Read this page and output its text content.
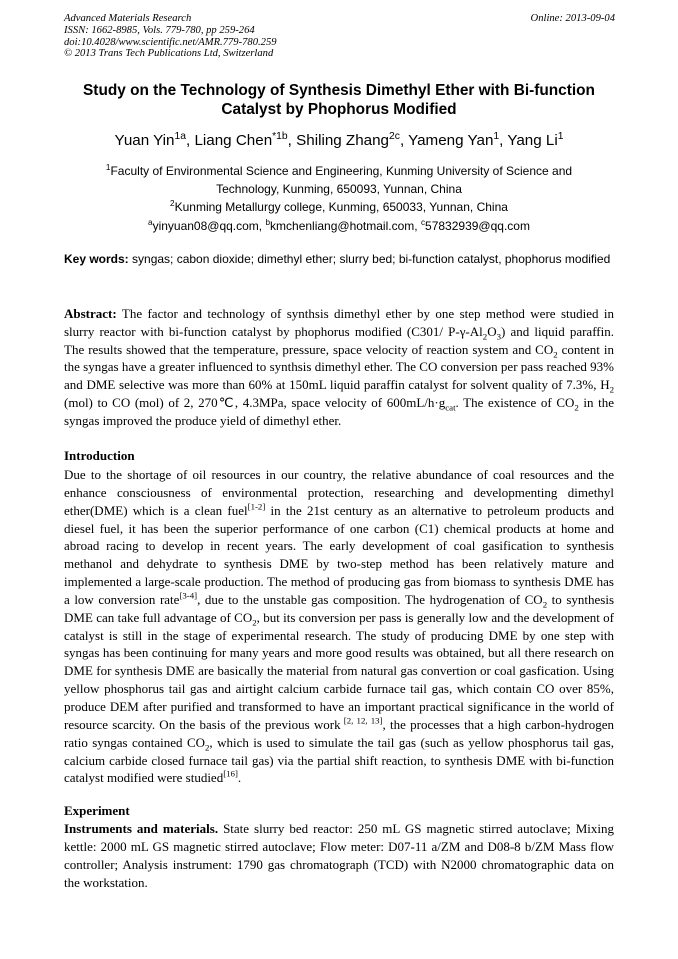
Advanced Materials Research
ISSN: 1662-8985, Vols. 779-780, pp 259-264
doi:10.4028/www.scientific.net/AMR.779-780.259
© 2013 Trans Tech Publications Ltd, Switzerland
Online: 2013-09-04
Study on the Technology of Synthesis Dimethyl Ether with Bi-function
Catalyst by Phophorus Modified
Yuan Yin$^{1a}$, Liang Chen$^{*1b}$, Shiling Zhang$^{2c}$, Yameng Yan$^1$, Yang Li$^1$
$^1$Faculty of Environmental Science and Engineering, Kunming University of Science and
Technology, Kunming, 650093, Yunnan, China
$^2$Kunming Metallurgy college, Kunming, 650033, Yunnan, China
$^a$yinyuan08@qq.com, $^b$kmchenliang@hotmail.com, $^c$57832939@qq.com
Key words: syngas; cabon dioxide; dimethyl ether; slurry bed; bi-function catalyst, phophorus modified
Abstract: The factor and technology of synthsis dimethyl ether by one step method were studied in slurry reactor with bi-function catalyst by phophorus modified (C301/ $P-\gamma-Al_2O_3$) and liquid paraffin. The results showed that the temperature, pressure, space velocity of reaction system and $CO_2$ content in the syngas have a greater influenced to synthsis dimethyl ether. The CO conversion per pass reached 93% and DME selective was more than 60% at 150mL liquid paraffin catalyst for solvent quality of 7.3%, $H_2$ (mol) to CO (mol) of 2, 270℃, 4.3MPa, space velocity of $600mL/h\cdot g_{cat}$. The existence of $CO_2$ in the syngas improved the produce yield of dimethyl ether.
Introduction
Due to the shortage of oil resources in our country, the relative abundance of coal resources and the enhance consciousness of environmental protection, researching and developmenting dimethyl ether(DME) which is a clean fuel[1-2] in the 21st century as an alternative to petroleum products and diesel fuel, it has been the superior performance of one carbon (C1) chemical products at home and abroad racing to develop in recent years. The early development of coal gasification to synthesis methanol and dehydrate to synthesis DME by two-step method has been relatively mature and implemented a large-scale production. The method of producing gas from biomass to synthesis DME has a low conversion rate[3-4], due to the unstable gas composition. The hydrogenation of $CO_2$ to synthesis DME can take full advantage of $CO_2$, but its conversion per pass is generally low and the development of catalyst is still in the stage of experimental research. The study of producing DME by one step with syngas has been continuing for many years and more good results was obtained, but all there research on DME for synthesis DME are basically the material from natural gas convertion or coal gasfication. Using yellow phosphorus tail gas and airtight calcium carbide furnace tail gas, which contain CO over 85%, produce DEM after purified and transformed to have an important practical significance in the world of resource scarcity. On the basis of the previous work [2, 12, 13], the processes that a high carbon-hydrogen ratio syngas contained $CO_2$, which is used to simulate the tail gas (such as yellow phosphorus tail gas, calcium carbide closed furnace tail gas) via the partial shift reaction, to synthesis DME with bi-function catalyst modified were studied[16].
Experiment
Instruments and materials. State slurry bed reactor: 250 mL GS magnetic stirred autoclave; Mixing kettle: 2000 mL GS magnetic stirred autoclave; Flow meter: D07-11 a/ZM and D08-8 b/ZM Mass flow controller; Analysis instrument: 1790 gas chromatograph (TCD) with N2000 chromatographic data on the workstation.
